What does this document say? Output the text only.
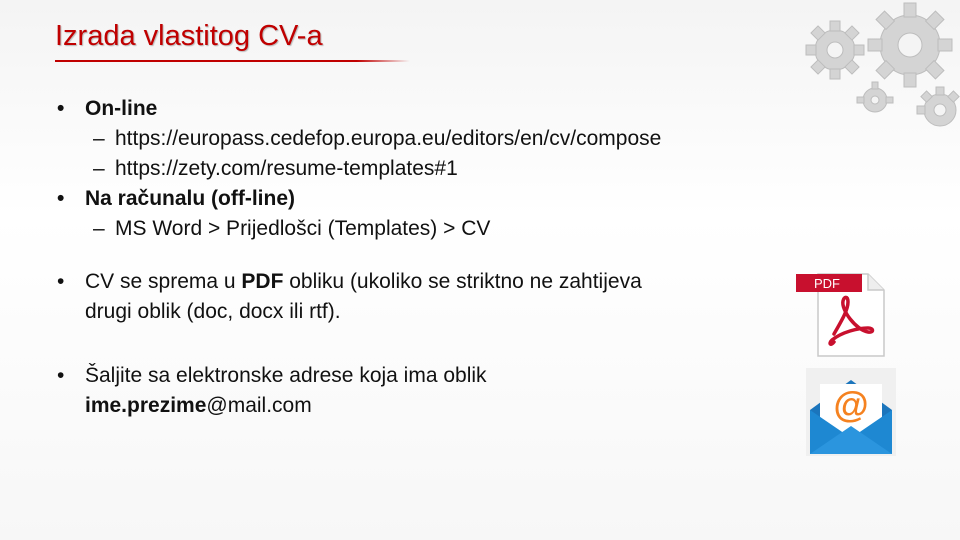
Izrada vlastitog CV-a
• On-line
– https://europass.cedefop.europa.eu/editors/en/cv/compose
– https://zety.com/resume-templates#1
• Na računalu (off-line)
– MS Word > Prijedlošci (Templates) > CV
• CV se sprema u PDF obliku (ukoliko se striktno ne zahtijeva
drugi oblik (doc, docx ili rtf).
• Šaljite sa elektronske adrese koja ima oblik
ime.prezime@mail.com
PDF
@
